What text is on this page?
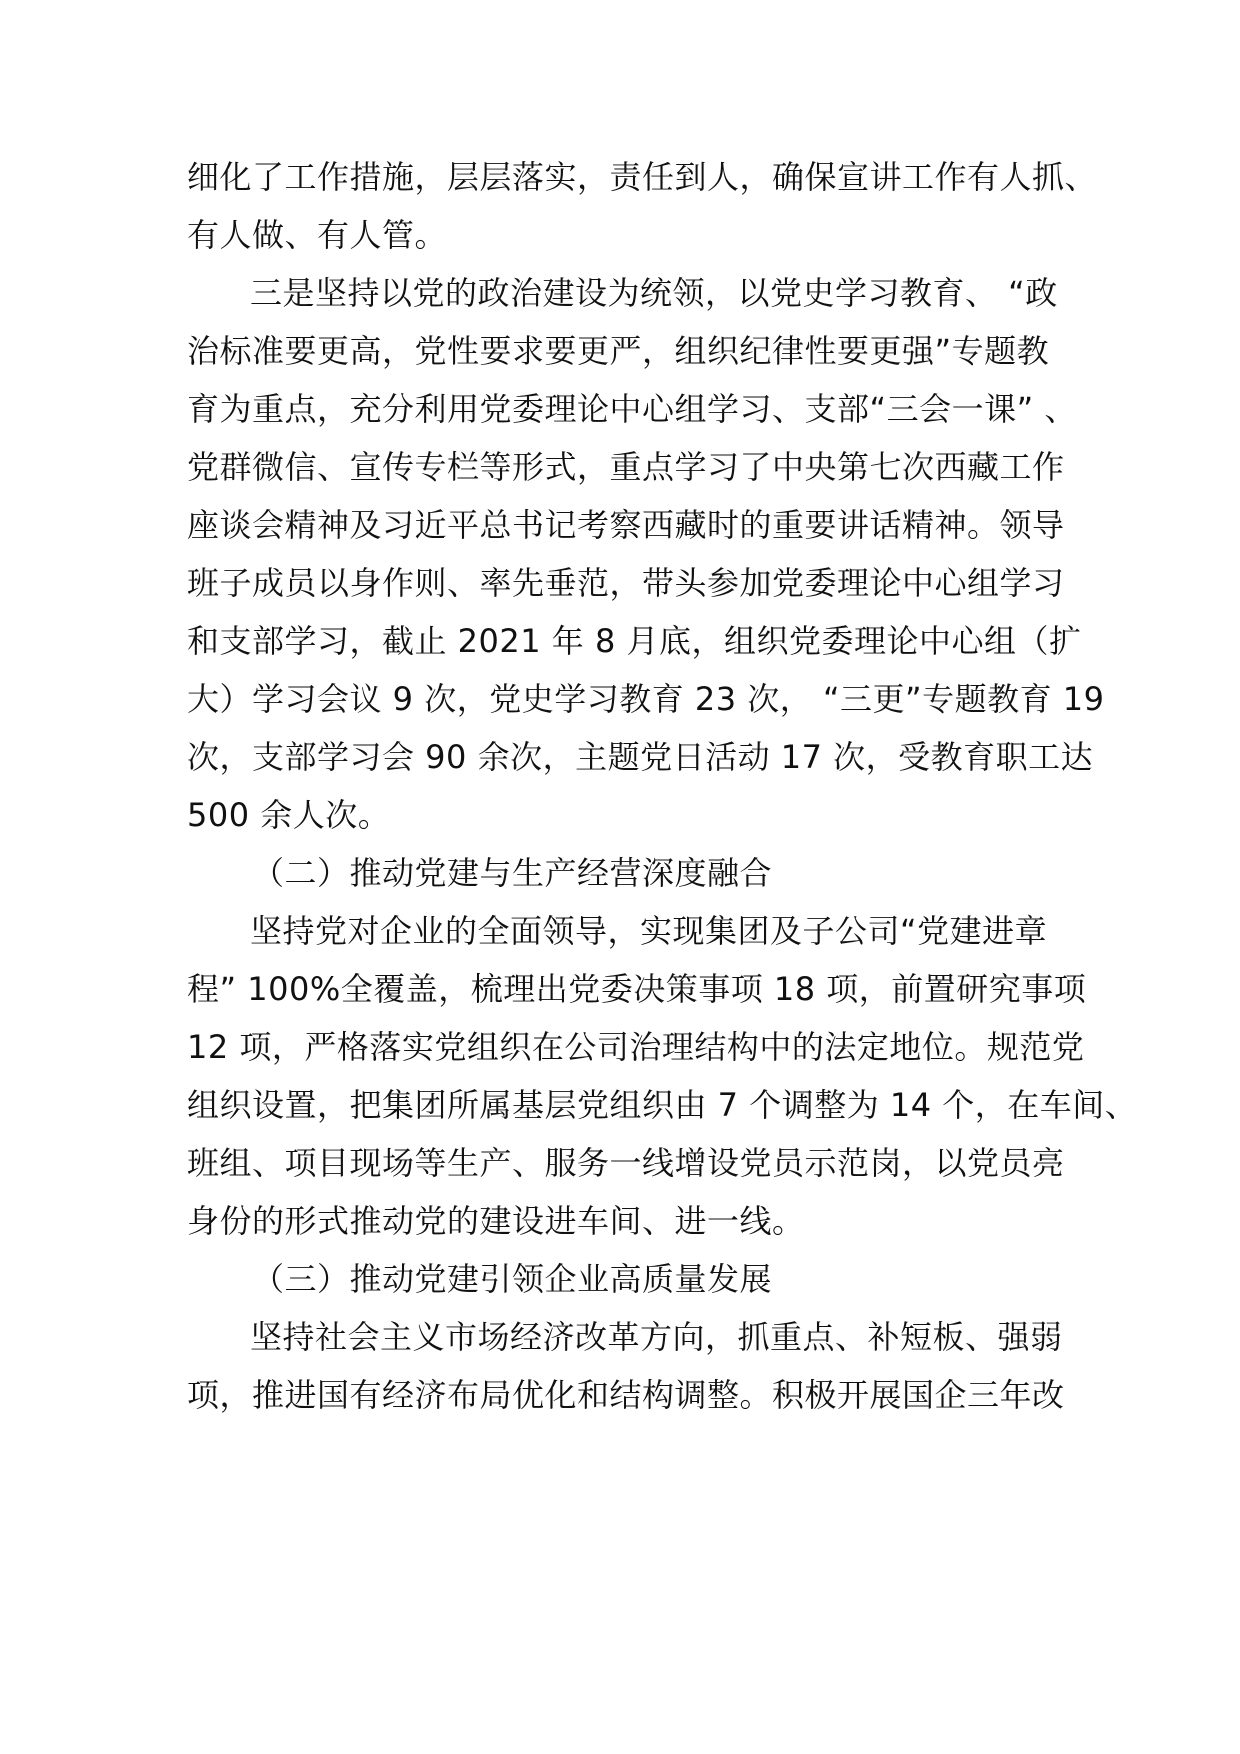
细化了工作措施，层层落实，责任到人，确保宣讲工作有人抓、
有人做、有人管。
三是坚持以党的政治建设为统领，以党史学习教育、 “政
治标准要更高，党性要求要更严，组织纪律性要更强”专题教
育为重点，充分利用党委理论中心组学习、支部“三会一课” 、
党群微信、宣传专栏等形式，重点学习了中央第七次西藏工作
座谈会精神及习近平总书记考察西藏时的重要讲话精神。领导
班子成员以身作则、率先垂范，带头参加党委理论中心组学习
和支部学习，截止 2021 年 8 月底，组织党委理论中心组（扩
大）学习会议 9 次，党史学习教育 23 次， “三更”专题教育 19
次，支部学习会 90 余次，主题党日活动 17 次，受教育职工达
500 余人次。
（二）推动党建与生产经营深度融合
坚持党对企业的全面领导，实现集团及子公司“党建进章
程” 100%全覆盖，梳理出党委决策事项 18 项，前置研究事项
12 项，严格落实党组织在公司治理结构中的法定地位。规范党
组织设置，把集团所属基层党组织由 7 个调整为 14 个，在车间、
班组、项目现场等生产、服务一线增设党员示范岗，以党员亮
身份的形式推动党的建设进车间、进一线。
（三）推动党建引领企业高质量发展
坚持社会主义市场经济改革方向，抓重点、补短板、强弱
项，推进国有经济布局优化和结构调整。积极开展国企三年改
